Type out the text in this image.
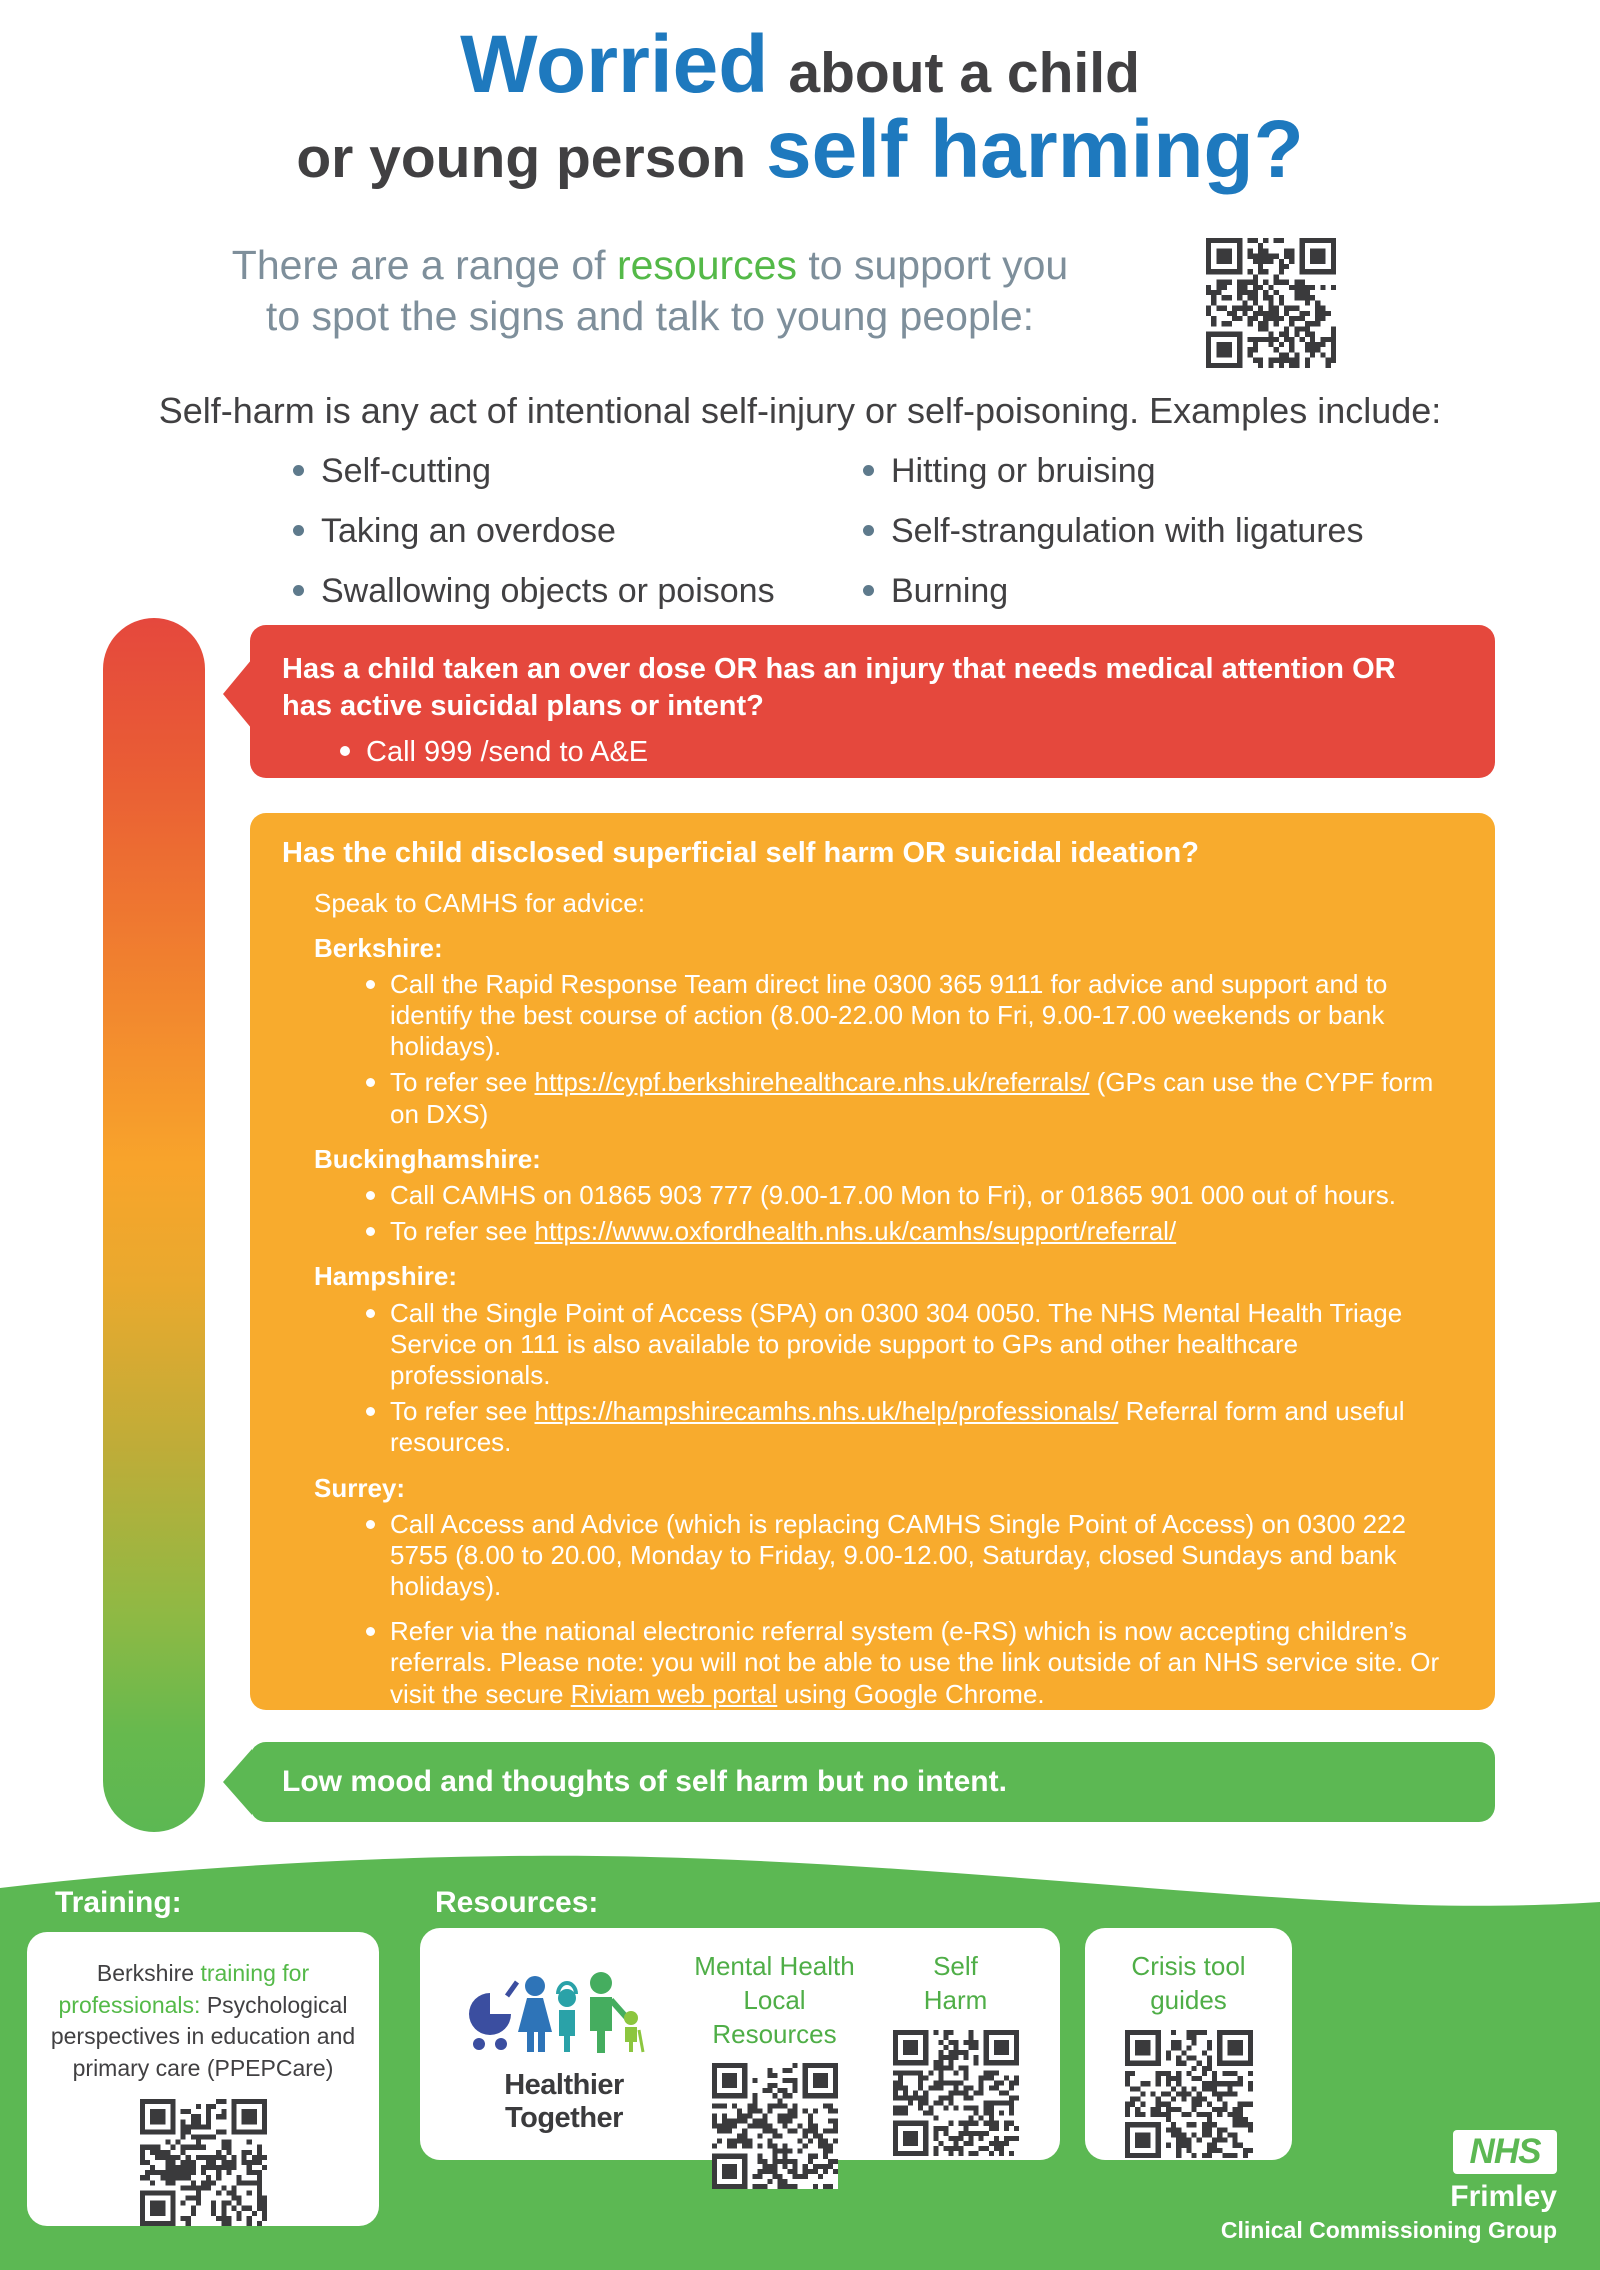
Worried about a child
or young person self harming?
There are a range of resources to support you
to spot the signs and talk to young people:
Self-harm is any act of intentional self-injury or self-poisoning. Examples include:
Self-cutting
Taking an overdose
Swallowing objects or poisons
Hitting or bruising
Self-strangulation with ligatures
Burning
Has a child taken an over dose OR has an injury that needs medical attention OR has active suicidal plans or intent?
Call 999 /send to A&E
Has the child disclosed superficial self harm OR suicidal ideation?
Speak to CAMHS for advice:
Berkshire:
Call the Rapid Response Team direct line 0300 365 9111 for advice and support and to identify the best course of action (8.00-22.00 Mon to Fri, 9.00-17.00 weekends or bank holidays).
To refer see https://cypf.berkshirehealthcare.nhs.uk/referrals/ (GPs can use the CYPF form on DXS)
Buckinghamshire:
Call CAMHS on 01865 903 777 (9.00-17.00 Mon to Fri), or 01865 901 000 out of hours.
To refer see https://www.oxfordhealth.nhs.uk/camhs/support/referral/
Hampshire:
Call the Single Point of Access (SPA) on 0300 304 0050. The NHS Mental Health Triage Service on 111 is also available to provide support to GPs and other healthcare professionals.
To refer see https://hampshirecamhs.nhs.uk/help/professionals/ Referral form and useful resources.
Surrey:
Call Access and Advice (which is replacing CAMHS Single Point of Access) on 0300 222 5755 (8.00 to 20.00, Monday to Friday, 9.00-12.00, Saturday, closed Sundays and bank holidays).
Refer via the national electronic referral system (e-RS) which is now accepting children’s referrals. Please note: you will not be able to use the link outside of an NHS service site. Or visit the secure Riviam web portal using Google Chrome.
Low mood and thoughts of self harm but no intent.
Training:	Resources:
Berkshire training for professionals: Psychological perspectives in education and primary care (PPEPCare)
Healthier Together
Mental Health
Local Resources
Self
Harm
Crisis tool
guides
NHS
Frimley
Clinical Commissioning Group
